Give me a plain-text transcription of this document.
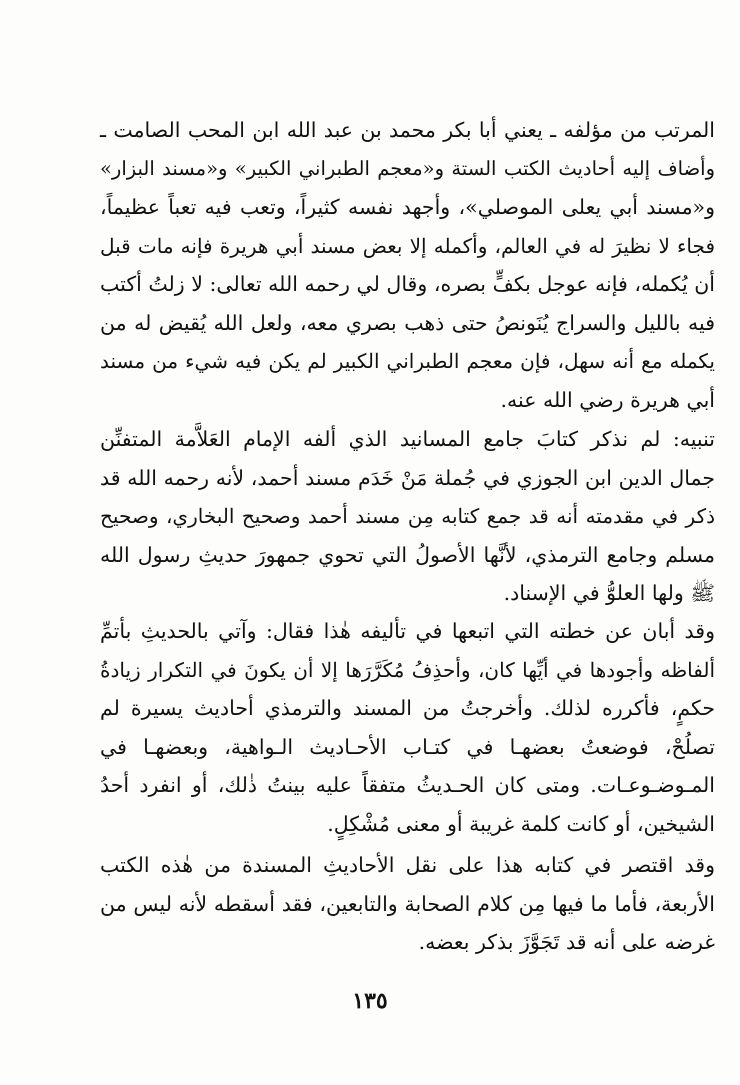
المرتب من مؤلفه ـ يعني أبا بكر محمد بن عبد الله ابن المحب الصامت ـ
وأضاف إليه أحاديث الكتب الستة و«معجم الطبراني الكبير» و«مسند البزار»
و«مسند أبي يعلى الموصلي»، وأجهد نفسه كثيراً، وتعب فيه تعباً عظيماً،
فجاء لا نظيرَ له في العالم، وأكمله إلا بعض مسند أبي هريرة فإنه مات قبل
أن يُكمله، فإنه عوجل بكفٍّ بصره، وقال لي رحمه الله تعالى: لا زلتُ أكتب
فيه بالليل والسراج يُنَونصُ حتى ذهب بصري معه، ولعل الله يُقيض له من
يكمله مع أنه سهل، فإن معجم الطبراني الكبير لم يكن فيه شيء من مسند
أبي هريرة رضي الله عنه.
تنبيه: لم نذكر كتابَ جامع المسانيد الذي ألفه الإمام العَلاَّمة المتفنِّن
جمال الدين ابن الجوزي في جُملة مَنْ خَدَم مسند أحمد، لأنه رحمه الله قد
ذكر في مقدمته أنه قد جمع كتابه مِن مسند أحمد وصحيح البخاري، وصحيح
مسلم وجامع الترمذي، لأنَّها الأصولُ التي تحوي جمهورَ حديثِ رسول الله
ﷺ ولها العلوُّ في الإسناد.
وقد أبان عن خطته التي اتبعها في تأليفه هٰذا فقال: وآتي بالحديثِ بأتمِّ
ألفاظه وأجودها في أيِّها كان، وأحذِفُ مُكَرَّرَها إلا أن يكونَ في التكرار زيادةُ
حكمٍ، فأكرره لذلك. وأخرجتُ من المسند والترمذي أحاديث يسيرة لم
تصلُحْ، فوضعتُ بعضهـا في كتـاب الأحـاديث الـواهية، وبعضهـا في
المـوضـوعـات. ومتى كان الحـديثُ متفقاً عليه بينتُ ذٰلك، أو انفرد أحدُ
الشيخين، أو كانت كلمة غريبة أو معنى مُشْكِلٍ.
وقد اقتصر في كتابه هذا على نقل الأحاديثِ المسندة من هٰذه الكتب
الأربعة، فأما ما فيها مِن كلام الصحابة والتابعين، فقد أسقطه لأنه ليس من
غرضه على أنه قد تَجَوَّزَ بذكر بعضه.
١٣٥
